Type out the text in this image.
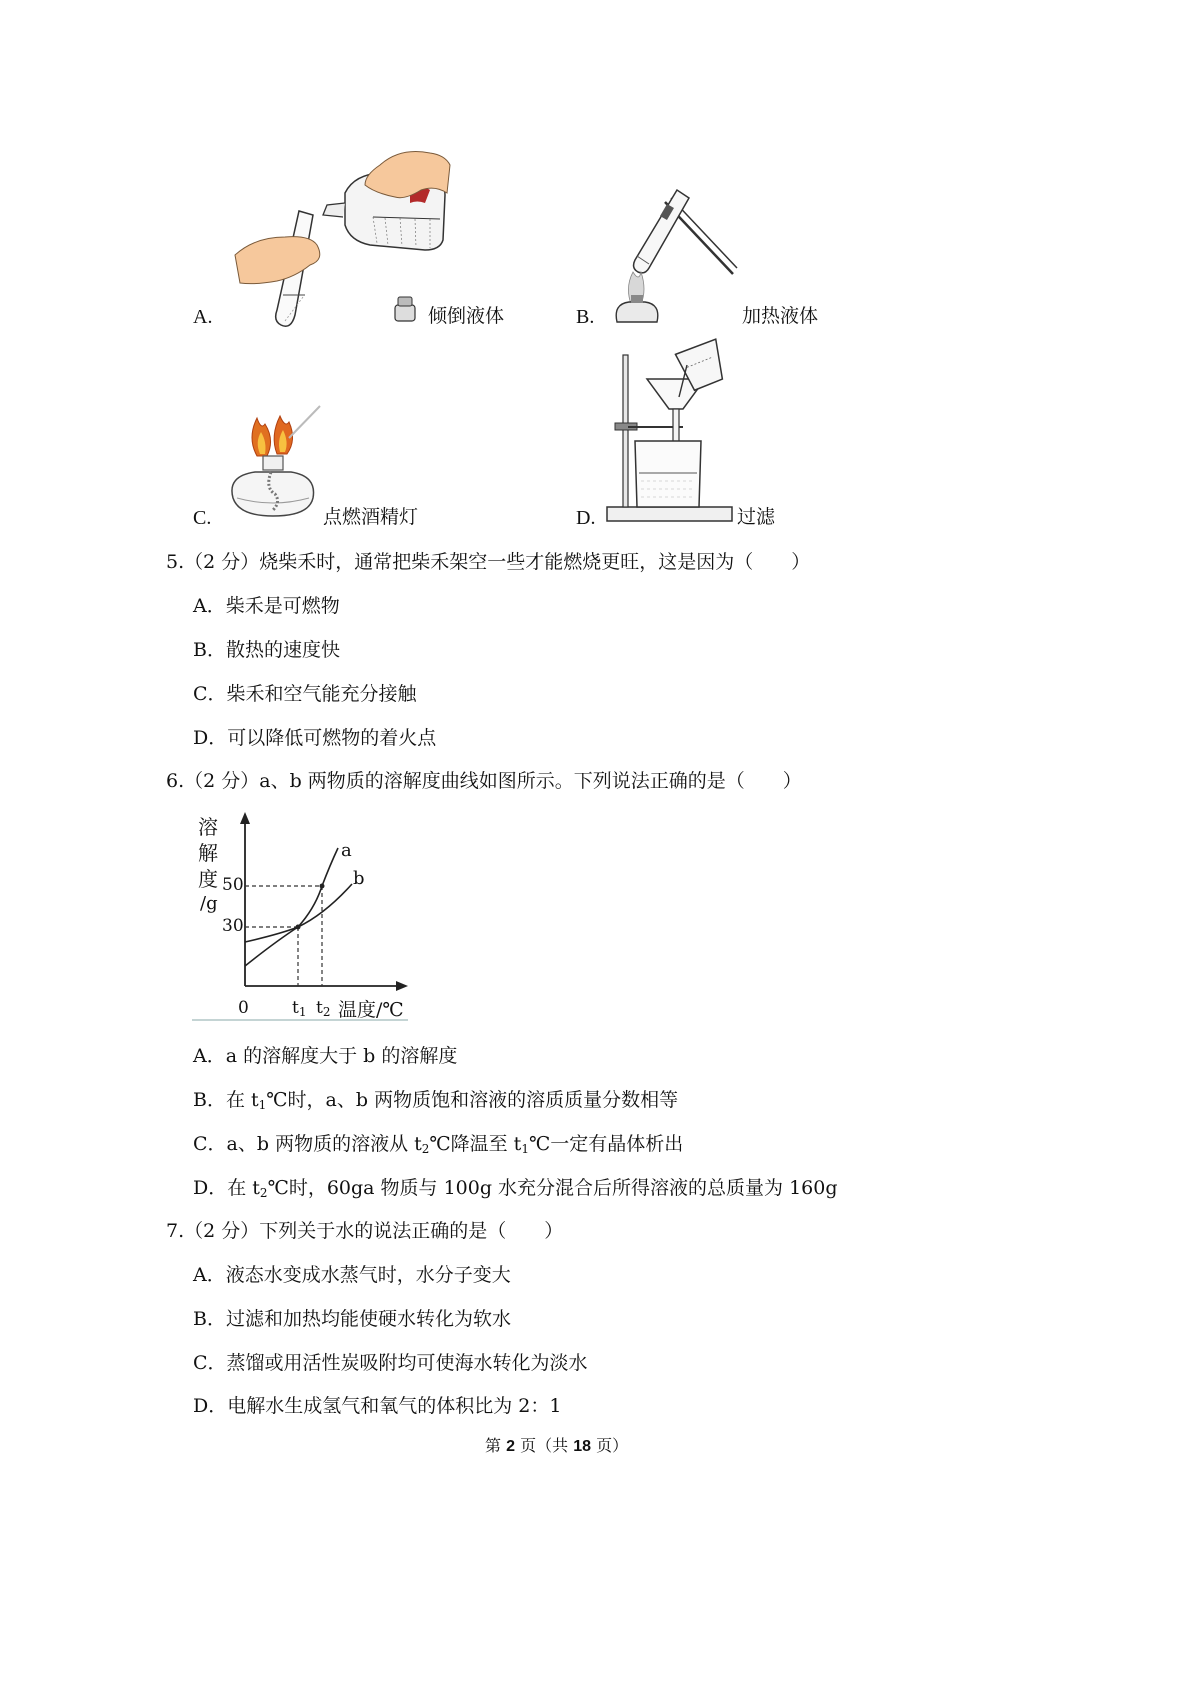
A.	倾倒液体	B.	加热液体
C.	点燃酒精灯	D.	过滤
5.（2 分）烧柴禾时，通常把柴禾架空一些才能燃烧更旺，这是因为（　　）
A．柴禾是可燃物
B．散热的速度快
C．柴禾和空气能充分接触
D．可以降低可燃物的着火点
6.（2 分）a、b 两物质的溶解度曲线如图所示。下列说法正确的是（　　）
溶
解
度
/g
50
30
0	$t_1$ $t_2$ 温度/℃
a
b
A．a 的溶解度大于 b 的溶解度
B．在 $t_1℃$时，a、b 两物质饱和溶液的溶质质量分数相等
C．a、b 两物质的溶液从 $t_2℃$降温至 $t_1℃$一定有晶体析出
D．在 $t_2℃$时，60ga 物质与 100g 水充分混合后所得溶液的总质量为 160g
7.（2 分）下列关于水的说法正确的是（　　）
A．液态水变成水蒸气时，水分子变大
B．过滤和加热均能使硬水转化为软水
C．蒸馏或用活性炭吸附均可使海水转化为淡水
D．电解水生成氢气和氧气的体积比为 2：1
第 2 页（共 18 页）
